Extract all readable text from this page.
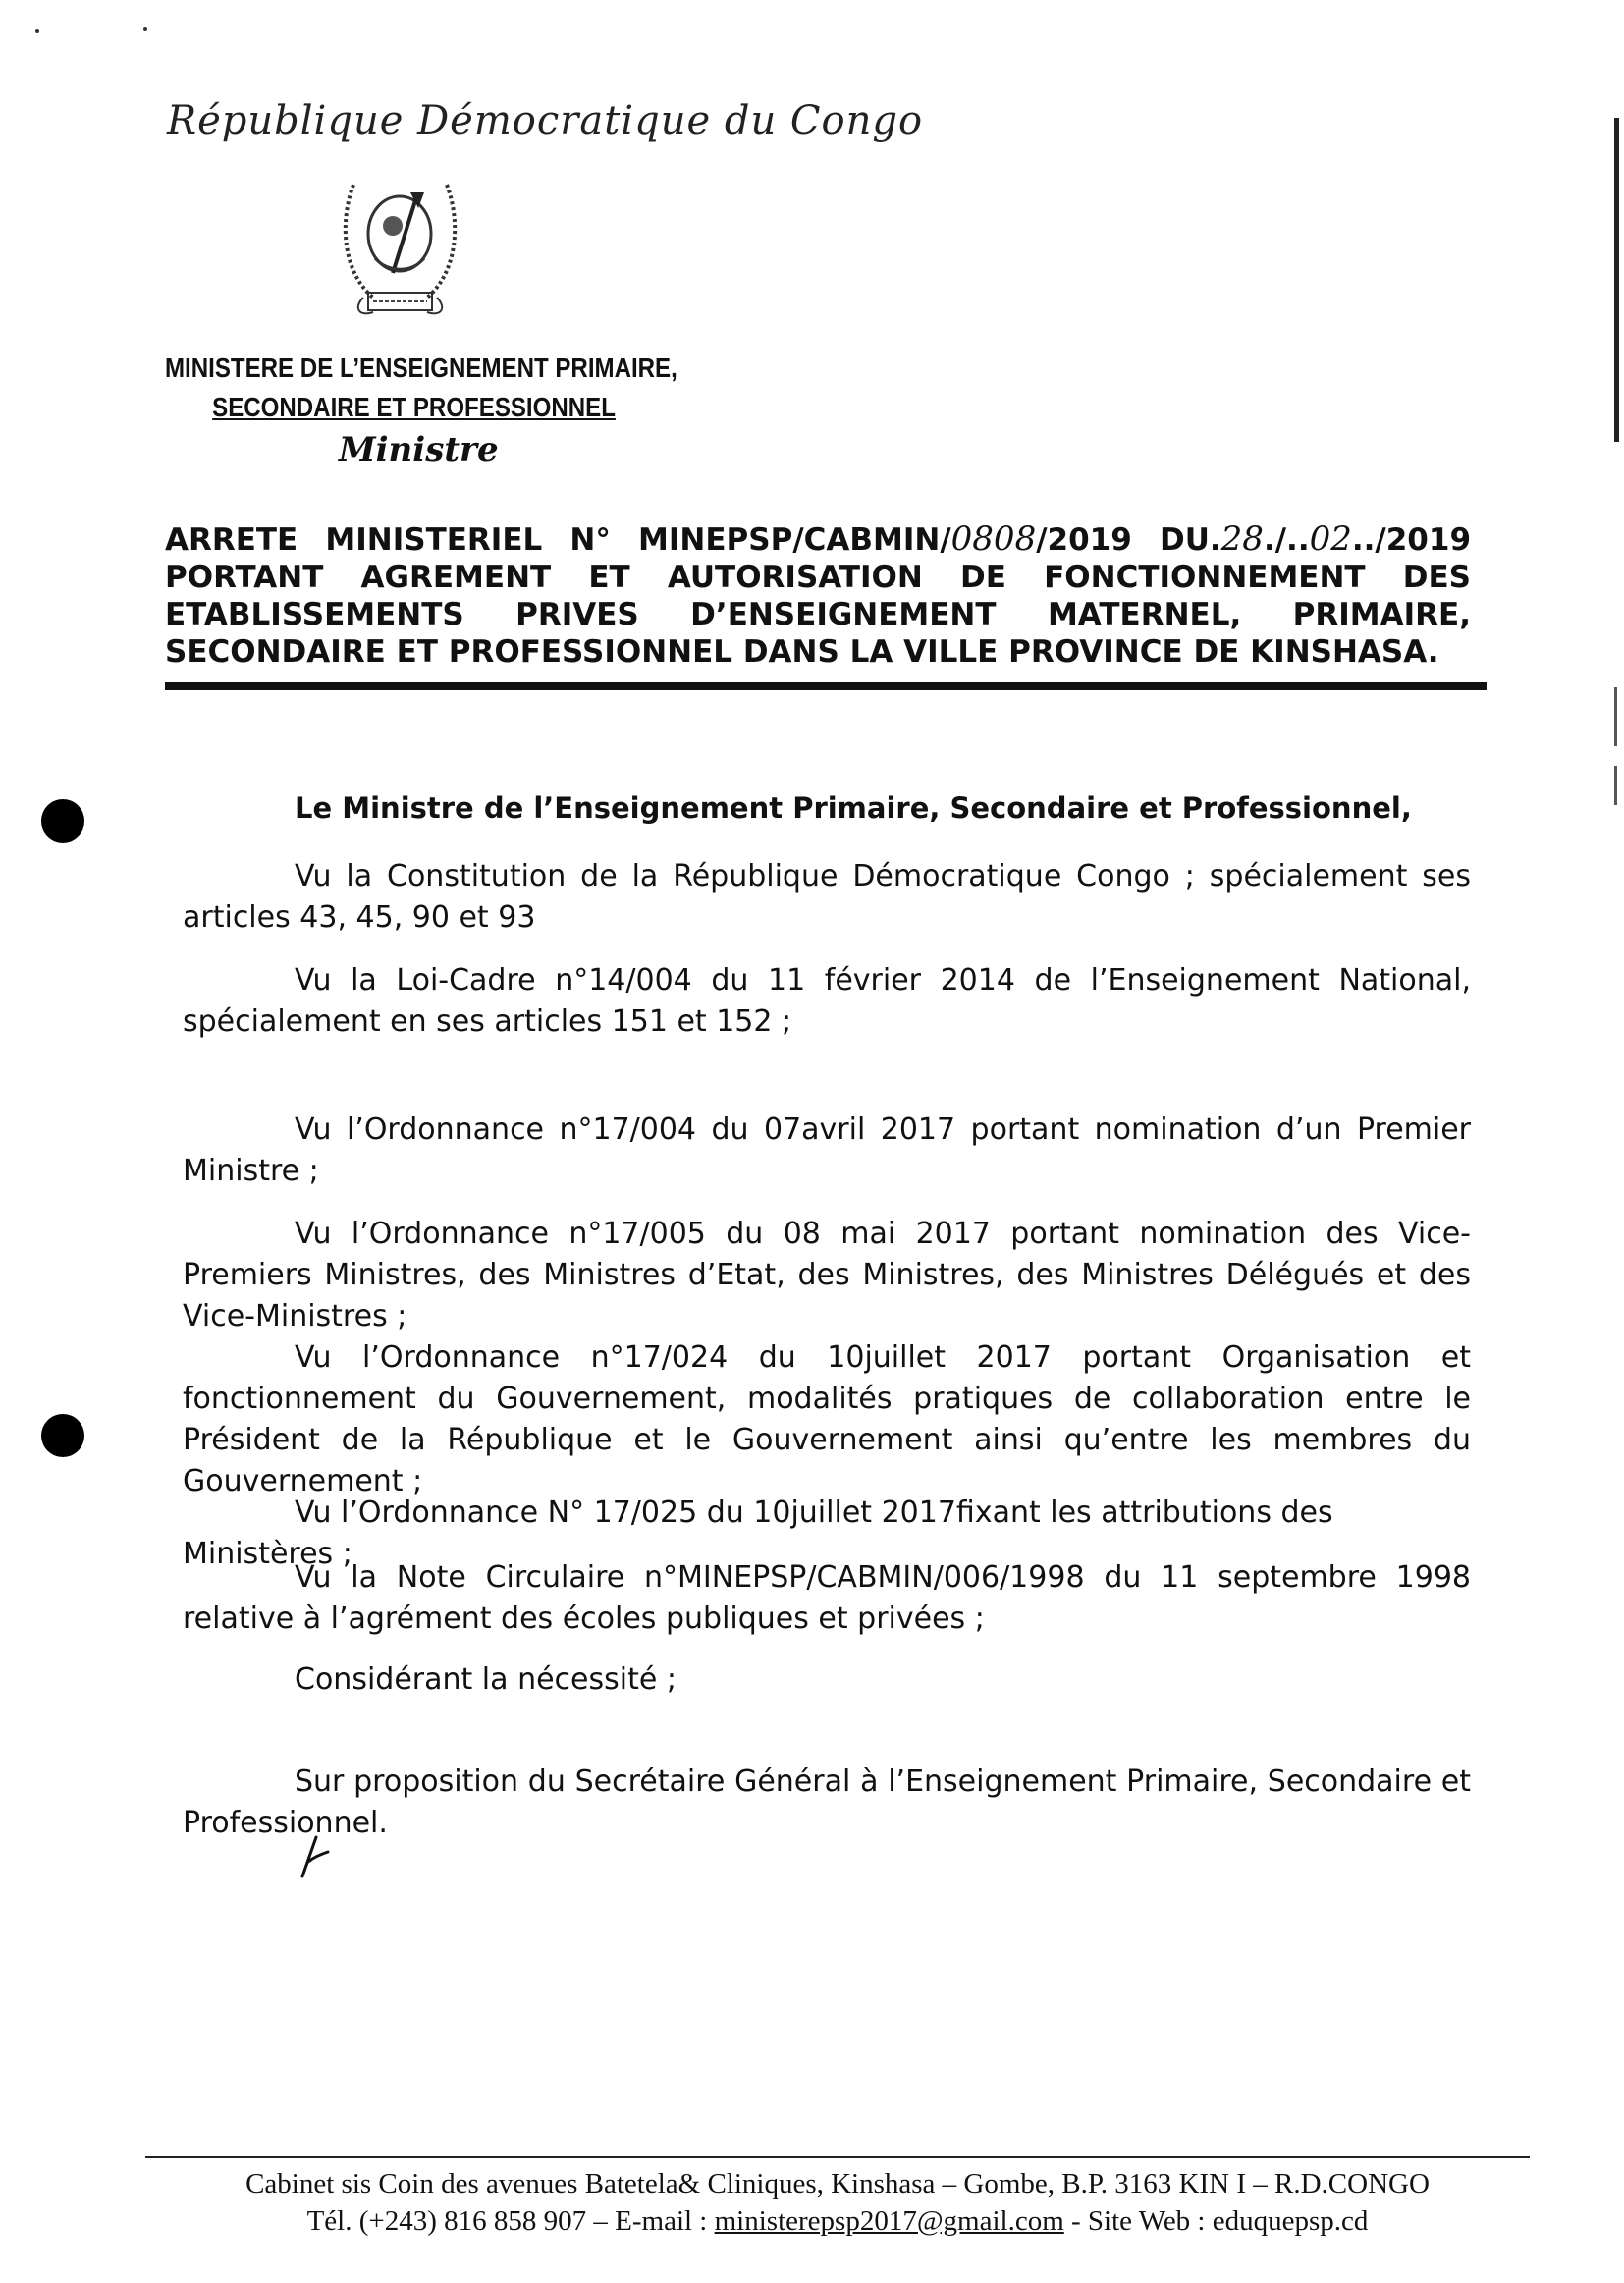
République Démocratique du Congo
MINISTERE DE L’ENSEIGNEMENT PRIMAIRE,
SECONDAIRE ET PROFESSIONNEL
Ministre
ARRETE MINISTERIEL N° MINEPSP/CABMIN/0808/2019 DU.28./..02../2019
PORTANT AGREMENT ET AUTORISATION DE FONCTIONNEMENT DES
ETABLISSEMENTS PRIVES D’ENSEIGNEMENT MATERNEL, PRIMAIRE,
SECONDAIRE ET PROFESSIONNEL DANS LA VILLE PROVINCE DE KINSHASA.
Le Ministre de l’Enseignement Primaire, Secondaire et Professionnel,
Vu la Constitution de la République Démocratique Congo ; spécialement ses articles 43, 45, 90 et 93
Vu la Loi-Cadre n°14/004 du 11 février 2014 de l’Enseignement National, spécialement en ses articles 151 et 152 ;
Vu l’Ordonnance n°17/004 du 07avril 2017 portant nomination d’un Premier Ministre ;
Vu l’Ordonnance n°17/005 du 08 mai 2017 portant nomination des Vice-Premiers Ministres, des Ministres d’Etat, des Ministres, des Ministres Délégués et des Vice-Ministres ;
Vu l’Ordonnance n°17/024 du 10juillet 2017 portant Organisation et fonctionnement du Gouvernement, modalités pratiques de collaboration entre le Président de la République et le Gouvernement ainsi qu’entre les membres du Gouvernement ;
Vu l’Ordonnance N° 17/025 du 10juillet 2017fixant les attributions des Ministères ;
Vu la Note Circulaire n°MINEPSP/CABMIN/006/1998 du 11 septembre 1998 relative à l’agrément des écoles publiques et privées ;
Considérant la nécessité ;
Sur proposition du Secrétaire Général à l’Enseignement Primaire, Secondaire et Professionnel.
Cabinet sis Coin des avenues Batetela& Cliniques, Kinshasa – Gombe, B.P. 3163 KIN I – R.D.CONGO
Tél. (+243) 816 858 907 – E-mail : ministerepsp2017@gmail.com - Site Web : eduquepsp.cd
